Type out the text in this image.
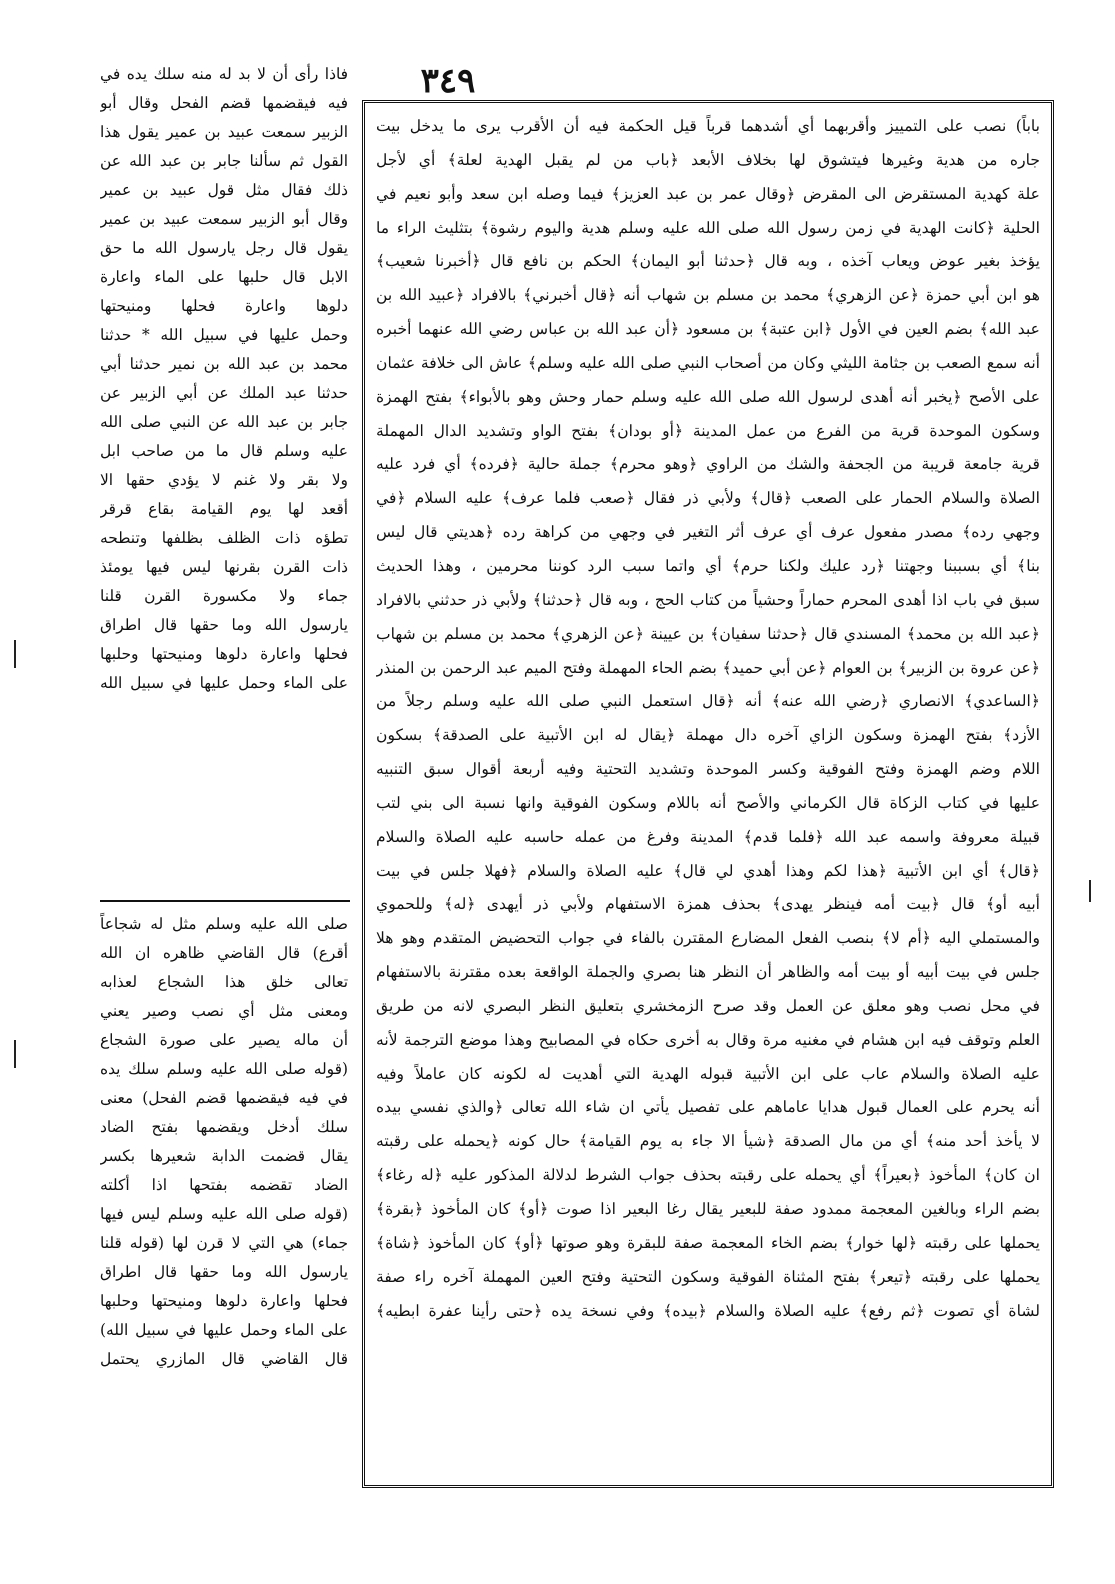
٣٤٩
باباً) نصب على التمييز وأقربهما أي أشدهما قرباً قيل الحكمة فيه أن الأقرب يرى ما يدخل بيت
جاره من هدية وغيرها فيتشوق لها بخلاف الأبعد ﴿باب من لم يقبل الهدية لعلة﴾ أي لأجل
علة كهدية المستقرض الى المقرض ﴿وقال عمر بن عبد العزيز﴾ فيما وصله ابن سعد وأبو نعيم في
الحلية ﴿كانت الهدية في زمن رسول الله صلى الله عليه وسلم هدية واليوم رشوة﴾ بتثليث الراء ما
يؤخذ بغير عوض ويعاب آخذه ، وبه قال ﴿حدثنا أبو اليمان﴾ الحكم بن نافع قال ﴿أخبرنا شعيب﴾
هو ابن أبي حمزة ﴿عن الزهري﴾ محمد بن مسلم بن شهاب أنه ﴿قال أخبرني﴾ بالافراد ﴿عبيد الله بن
عبد الله﴾ بضم العين في الأول ﴿ابن عتبة﴾ بن مسعود ﴿أن عبد الله بن عباس رضي الله عنهما أخبره
أنه سمع الصعب بن جثامة الليثي وكان من أصحاب النبي صلى الله عليه وسلم﴾ عاش الى خلافة عثمان
على الأصح ﴿يخبر أنه أهدى لرسول الله صلى الله عليه وسلم حمار وحش وهو بالأبواء﴾ بفتح الهمزة
وسكون الموحدة قرية من الفرع من عمل المدينة ﴿أو بودان﴾ بفتح الواو وتشديد الدال المهملة
قرية جامعة قريبة من الجحفة والشك من الراوي ﴿وهو محرم﴾ جملة حالية ﴿فرده﴾ أي فرد عليه
الصلاة والسلام الحمار على الصعب ﴿قال﴾ ولأبي ذر فقال ﴿صعب فلما عرف﴾ عليه السلام ﴿في
وجهي رده﴾ مصدر مفعول عرف أي عرف أثر التغير في وجهي من كراهة رده ﴿هديتي قال ليس
بنا﴾ أي بسببنا وجهتنا ﴿رد عليك ولكنا حرم﴾ أي واتما سبب الرد كوننا محرمين ، وهذا الحديث
سبق في باب اذا أهدى المحرم حماراً وحشياً من كتاب الحج ، وبه قال ﴿حدثنا﴾ ولأبي ذر حدثني بالافراد
﴿عبد الله بن محمد﴾ المسندي قال ﴿حدثنا سفيان﴾ بن عيينة ﴿عن الزهري﴾ محمد بن مسلم بن شهاب
﴿عن عروة بن الزبير﴾ بن العوام ﴿عن أبي حميد﴾ بضم الحاء المهملة وفتح الميم عبد الرحمن بن المنذر
﴿الساعدي﴾ الانصاري ﴿رضي الله عنه﴾ أنه ﴿قال استعمل النبي صلى الله عليه وسلم رجلاً من
الأزد﴾ بفتح الهمزة وسكون الزاي آخره دال مهملة ﴿يقال له ابن الأتبية على الصدقة﴾ بسكون
اللام وضم الهمزة وفتح الفوقية وكسر الموحدة وتشديد التحتية وفيه أربعة أقوال سبق التنبيه
عليها في كتاب الزكاة قال الكرماني والأصح أنه باللام وسكون الفوقية وانها نسبة الى بني لتب
قبيلة معروفة واسمه عبد الله ﴿فلما قدم﴾ المدينة وفرغ من عمله حاسبه عليه الصلاة والسلام
﴿قال﴾ أي ابن الأتبية ﴿هذا لكم وهذا أهدي لي قال﴾ عليه الصلاة والسلام ﴿فهلا جلس في بيت
أبيه أو﴾ قال ﴿بيت أمه فينظر يهدى﴾ بحذف همزة الاستفهام ولأبي ذر أيهدى ﴿له﴾ وللحموي
والمستملي اليه ﴿أم لا﴾ بنصب الفعل المضارع المقترن بالفاء في جواب التحضيض المتقدم وهو هلا
جلس في بيت أبيه أو بيت أمه والظاهر أن النظر هنا بصري والجملة الواقعة بعده مقترنة بالاستفهام
في محل نصب وهو معلق عن العمل وقد صرح الزمخشري بتعليق النظر البصري لانه من طريق
العلم وتوقف فيه ابن هشام في مغنيه مرة وقال به أخرى حكاه في المصابيح وهذا موضع الترجمة لأنه
عليه الصلاة والسلام عاب على ابن الأتبية قبوله الهدية التي أهديت له لكونه كان عاملاً وفيه
أنه يحرم على العمال قبول هدايا عاماهم على تفصيل يأتي ان شاء الله تعالى ﴿والذي نفسي بيده
لا يأخذ أحد منه﴾ أي من مال الصدقة ﴿شيأ الا جاء به يوم القيامة﴾ حال كونه ﴿يحمله على رقبته
ان كان﴾ المأخوذ ﴿بعيراً﴾ أي يحمله على رقبته بحذف جواب الشرط لدلالة المذكور عليه ﴿له رغاء﴾
بضم الراء وبالغين المعجمة ممدود صفة للبعير يقال رغا البعير اذا صوت ﴿أو﴾ كان المأخوذ ﴿بقرة﴾
يحملها على رقبته ﴿لها خوار﴾ بضم الخاء المعجمة صفة للبقرة وهو صوتها ﴿أو﴾ كان المأخوذ ﴿شاة﴾
يحملها على رقبته ﴿تيعر﴾ بفتح المثناة الفوقية وسكون التحتية وفتح العين المهملة آخره راء صفة
لشاة أي تصوت ﴿ثم رفع﴾ عليه الصلاة والسلام ﴿بيده﴾ وفي نسخة يده ﴿حتى رأينا عفرة ابطيه﴾
فاذا رأى أن لا بد له منه سلك يده في
فيه فيقضمها قضم الفحل وقال أبو
الزبير سمعت عبيد بن عمير يقول هذا
القول ثم سألنا جابر بن عبد الله عن
ذلك فقال مثل قول عبيد بن عمير
وقال أبو الزبير سمعت عبيد بن عمير
يقول قال رجل يارسول الله ما حق
الابل قال حلبها على الماء واعارة
دلوها واعارة فحلها ومنيحتها
وحمل عليها في سبيل الله * حدثنا
محمد بن عبد الله بن نمير حدثنا أبي
حدثنا عبد الملك عن أبي الزبير عن
جابر بن عبد الله عن النبي صلى الله
عليه وسلم قال ما من صاحب ابل
ولا بقر ولا غنم لا يؤدي حقها الا
أقعد لها يوم القيامة بقاع قرقر
تطؤه ذات الظلف بظلفها وتنطحه
ذات القرن بقرنها ليس فيها يومئذ
جماء ولا مكسورة القرن قلنا
يارسول الله وما حقها قال اطراق
فحلها واعارة دلوها ومنيحتها وحلبها
على الماء وحمل عليها في سبيل الله
صلى الله عليه وسلم مثل له شجاعاً
أقرع) قال القاضي ظاهره ان الله
تعالى خلق هذا الشجاع لعذابه
ومعنى مثل أي نصب وصير يعني
أن ماله يصير على صورة الشجاع
(قوله صلى الله عليه وسلم سلك يده
في فيه فيقضمها قضم الفحل) معنى
سلك أدخل ويقضمها بفتح الضاد
يقال قضمت الدابة شعيرها بكسر
الضاد تقضمه بفتحها اذا أكلته
(قوله صلى الله عليه وسلم ليس فيها
جماء) هي التي لا قرن لها (قوله قلنا
يارسول الله وما حقها قال اطراق
فحلها واعارة دلوها ومنيحتها وحلبها
على الماء وحمل عليها في سبيل الله)
قال القاضي قال المازري يحتمل
